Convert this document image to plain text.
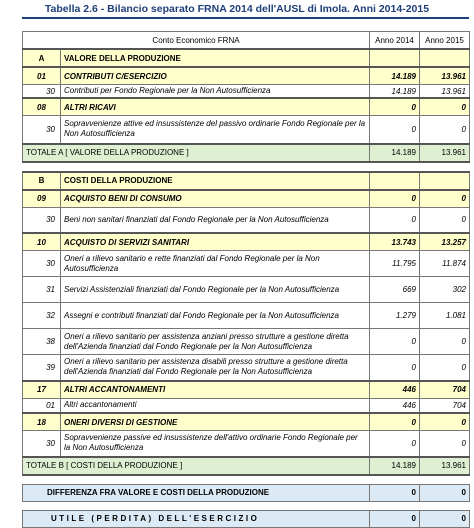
Tabella 2.6 - Bilancio separato FRNA 2014 dell'AUSL di Imola. Anni 2014-2015
Conto Economico FRNA		Anno 2014	Anno 2015
A	VALORE DELLA PRODUZIONE		
01	CONTRIBUTI C/ESERCIZIO	14.189	13.961
30	Contributi per Fondo Regionale per la Non Autosufficienza	14.189	13.961
08	ALTRI RICAVI	0	0
30	Sopravvenienze attive ed insussistenze del passivo ordinarie Fondo Regionale per la Non Autosufficienza	0	0
TOTALE A [ VALORE DELLA PRODUZIONE ]		14.189	13.961

B	COSTI DELLA PRODUZIONE		
09	ACQUISTO BENI DI CONSUMO	0	0
30	Beni non sanitari finanziati dal Fondo Regionale per la Non Autosufficienza	0	0
10	ACQUISTO DI SERVIZI SANITARI	13.743	13.257
30	Oneri a rilievo sanitario e rette finanziati dal Fondo Regionale per la Non Autosufficienza	11.795	11.874
31	Servizi Assistenziali finanziati dal Fondo Regionale per la Non Autosufficienza	669	302
32	Assegni e contributi finanziati dal Fondo Regionale per la Non Autosufficienza	1.279	1.081
38	Oneri a rilievo sanitario per assistenza anziani presso strutture a gestione diretta dell'Azienda finanziati dal Fondo Regionale per la Non Autosufficienza	0	0
39	Oneri a rilievo sanitario per assistenza disabili presso strutture a gestione diretta dell'Azienda finanziati dal Fondo Regionale per la Non Autosufficienza	0	0
17	ALTRI ACCANTONAMENTI	446	704
01	Altri accantonamenti	446	704
18	ONERI DIVERSI DI GESTIONE	0	0
30	Sopravvenienze passive ed insussistenze dell'attivo ordinarie Fondo Regionale per la Non Autosufficienza	0	0
TOTALE B [ COSTI DELLA PRODUZIONE ]		14.189	13.961

DIFFERENZA FRA VALORE E COSTI DELLA PRODUZIONE		0	0

UTILE (PERDITA) DELL'ESERCIZIO		0	0
